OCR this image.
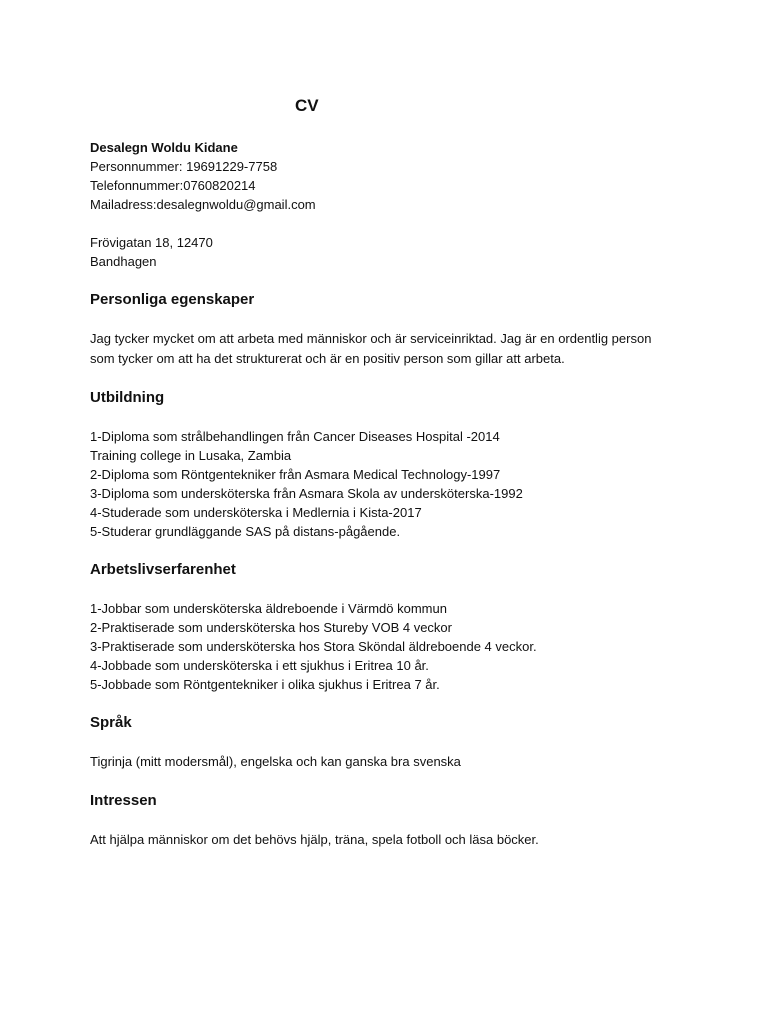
CV
Desalegn Woldu Kidane
Personnummer: 19691229-7758
Telefonnummer:0760820214
Mailadress:desalegnwoldu@gmail.com
Frövigatan 18, 12470
Bandhagen
Personliga egenskaper

Jag tycker mycket om att arbeta med människor och är serviceinriktad. Jag är en ordentlig person som tycker om att ha det strukturerat och är en positiv person som gillar att arbeta.

Utbildning
1-Diploma som strålbehandlingen från Cancer Diseases Hospital -2014
Training college in Lusaka, Zambia
2-Diploma som Röntgentekniker från Asmara Medical Technology-1997
3-Diploma som undersköterska från Asmara Skola av undersköterska-1992
4-Studerade som undersköterska i Medlernia i Kista-2017
5-Studerar grundläggande SAS på distans-pågående.
Arbetslivserfarenhet
1-Jobbar som undersköterska äldreboende i Värmdö kommun
2-Praktiserade som undersköterska hos Stureby VOB 4 veckor
3-Praktiserade som undersköterska hos Stora Sköndal äldreboende 4 veckor.
4-Jobbade som undersköterska i ett sjukhus i Eritrea 10 år.
5-Jobbade som Röntgentekniker i olika sjukhus i Eritrea 7 år.
Språk

Tigrinja (mitt modersmål), engelska och kan ganska bra svenska

Intressen

Att hjälpa människor om det behövs hjälp, träna, spela fotboll och läsa böcker.
